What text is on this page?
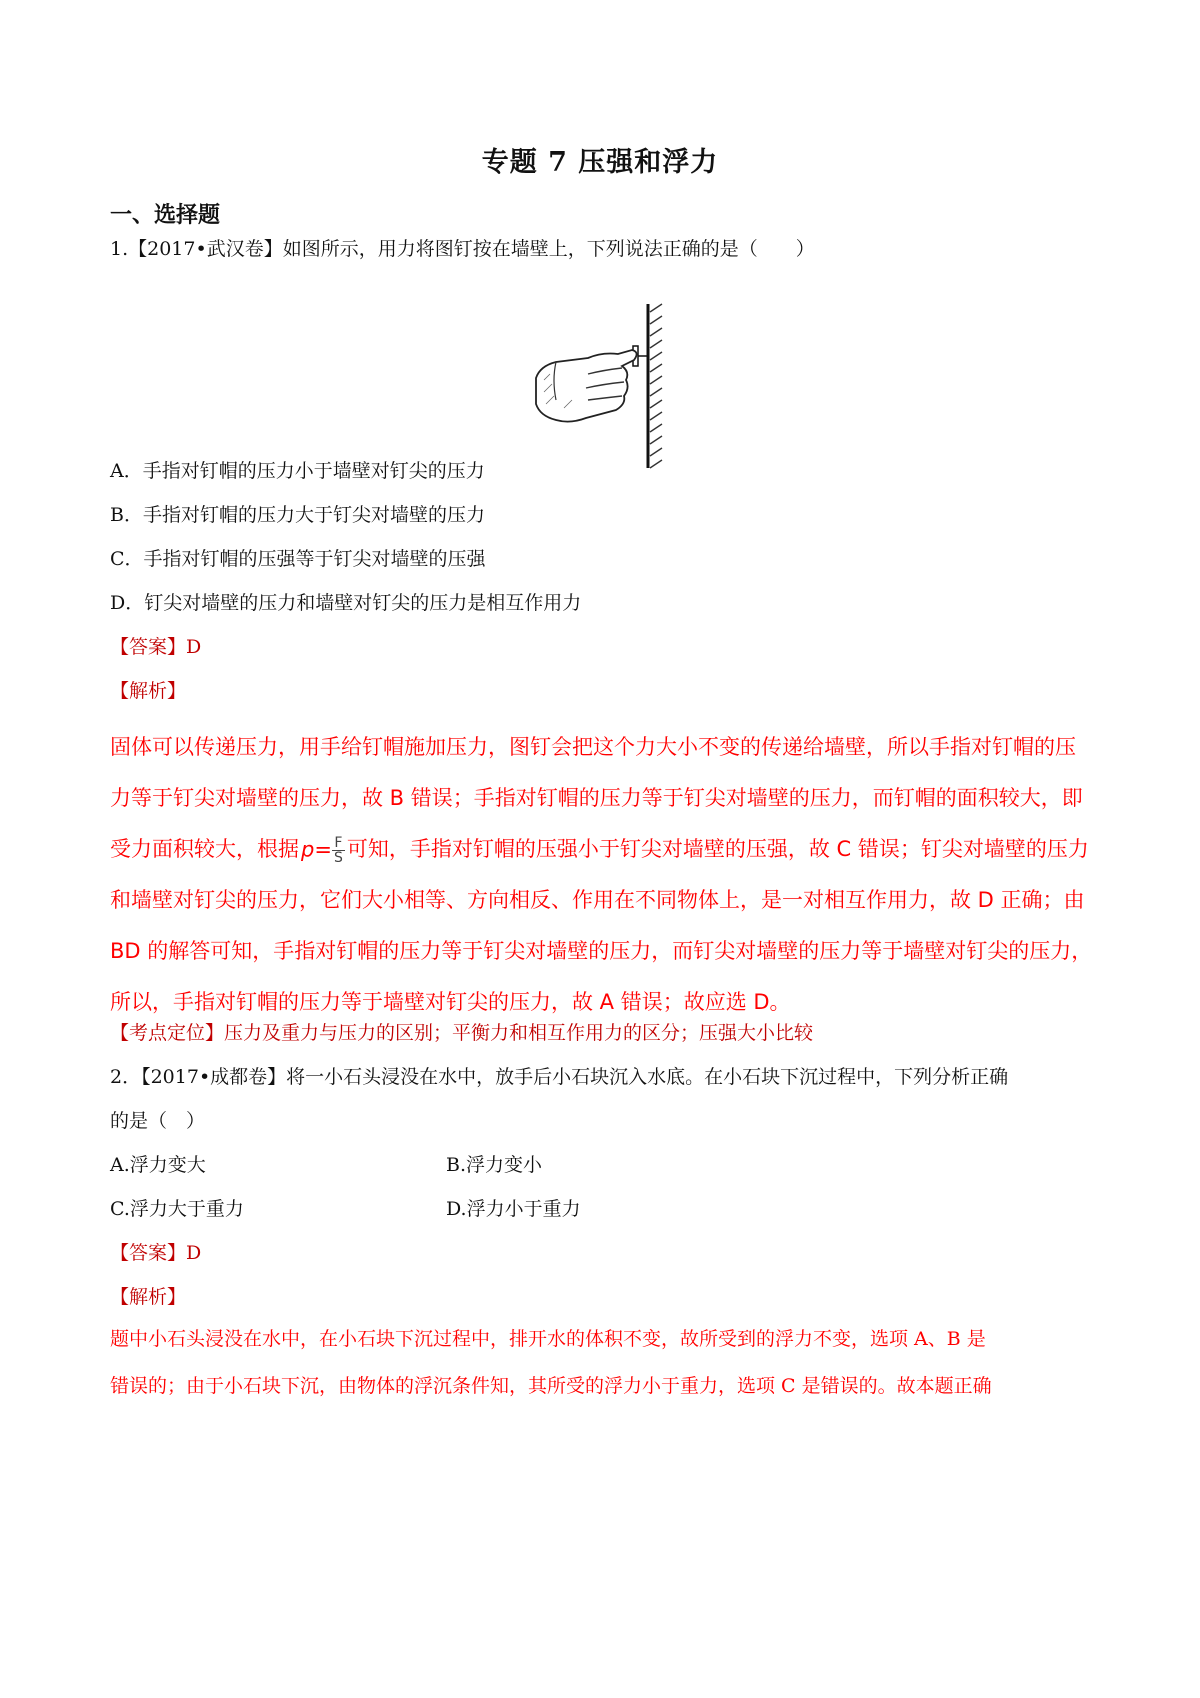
专题 7 压强和浮力
一、选择题
1.【2017•武汉卷】如图所示，用力将图钉按在墙壁上，下列说法正确的是（　　）
A．手指对钉帽的压力小于墙壁对钉尖的压力
B．手指对钉帽的压力大于钉尖对墙壁的压力
C．手指对钉帽的压强等于钉尖对墙壁的压强
D．钉尖对墙壁的压力和墙壁对钉尖的压力是相互作用力
【答案】D
【解析】
固体可以传递压力，用手给钉帽施加压力，图钉会把这个力大小不变的传递给墙壁，所以手指对钉帽的压
力等于钉尖对墙壁的压力，故 B 错误；手指对钉帽的压力等于钉尖对墙壁的压力，而钉帽的面积较大，即
受力面积较大，根据$p= \frac{F}{S}$ 可知，手指对钉帽的压强小于钉尖对墙壁的压强，故 C 错误；钉尖对墙壁的压力
和墙壁对钉尖的压力，它们大小相等、方向相反、作用在不同物体上，是一对相互作用力，故 D 正确；由
BD 的解答可知，手指对钉帽的压力等于钉尖对墙壁的压力，而钉尖对墙壁的压力等于墙壁对钉尖的压力，
所以，手指对钉帽的压力等于墙壁对钉尖的压力，故 A 错误；故应选 D。
【考点定位】压力及重力与压力的区别；平衡力和相互作用力的区分；压强大小比较
2．【2017•成都卷】将一小石头浸没在水中，放手后小石块沉入水底。在小石块下沉过程中，下列分析正确
的是（　）
A.浮力变大	B.浮力变小
C.浮力大于重力	D.浮力小于重力
【答案】D
【解析】
题中小石头浸没在水中，在小石块下沉过程中，排开水的体积不变，故所受到的浮力不变，选项 A、B 是
错误的；由于小石块下沉，由物体的浮沉条件知，其所受的浮力小于重力，选项 C 是错误的。故本题正确
